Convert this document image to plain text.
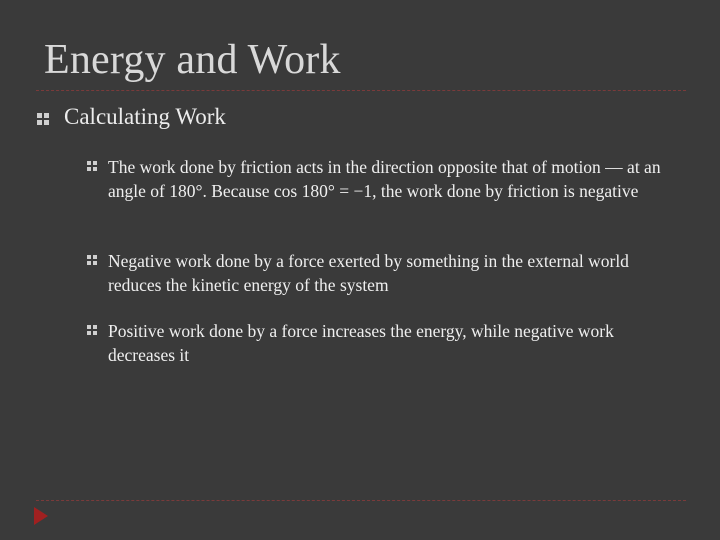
Energy and Work
Calculating Work
The work done by friction acts in the direction opposite that of motion — at an angle of 180°. Because cos 180° = −1, the work done by friction is negative
Negative work done by a force exerted by something in the external world reduces the kinetic energy of the system
Positive work done by a force increases the energy, while negative work decreases it
